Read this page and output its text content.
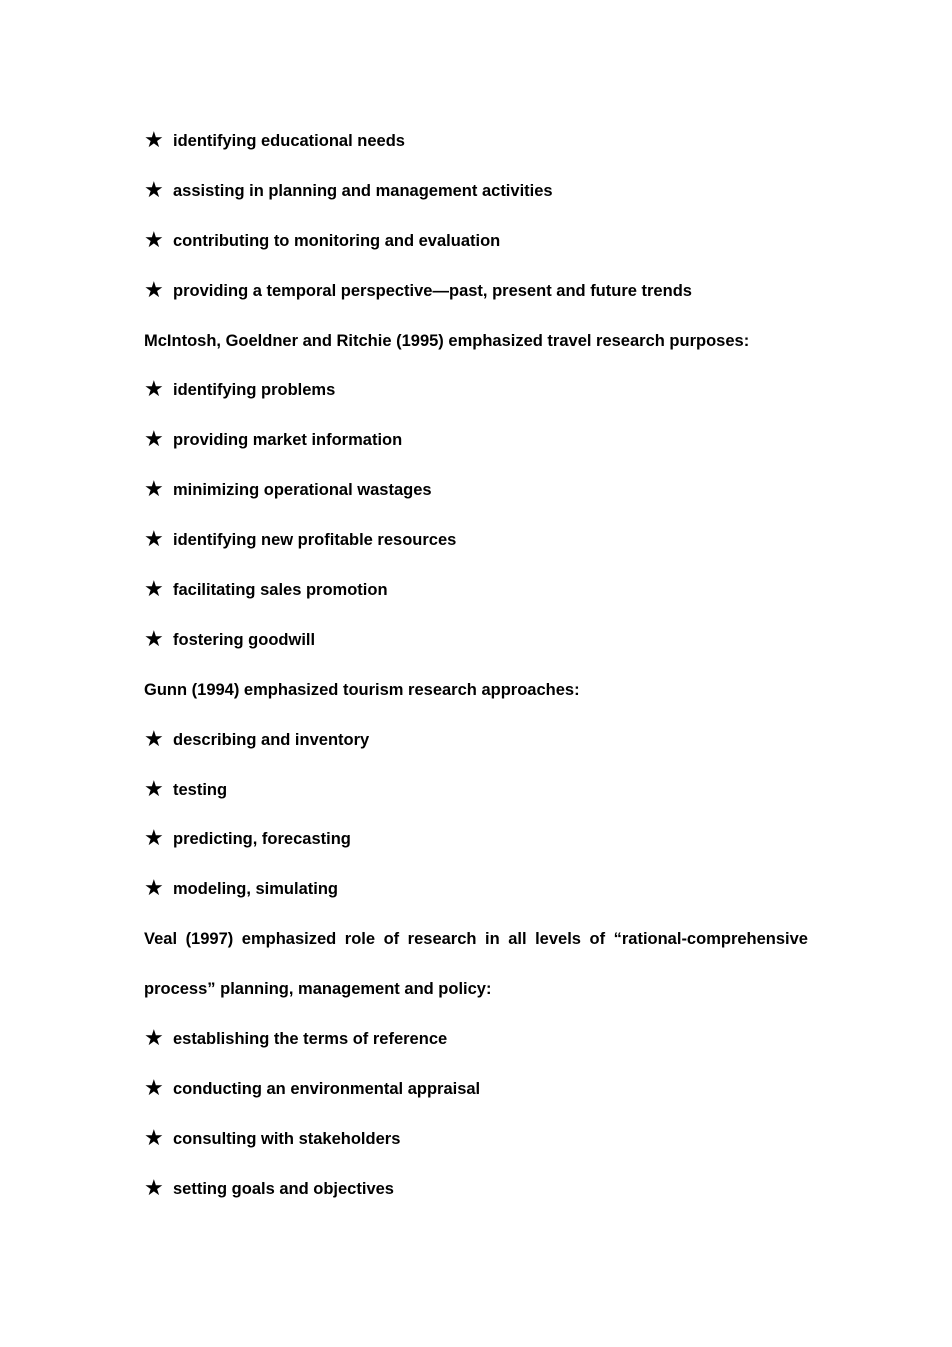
★ identifying educational needs
★ assisting in planning and management activities
★ contributing to monitoring and evaluation
★ providing a temporal perspective—past, present and future trends
McIntosh, Goeldner and Ritchie (1995) emphasized travel research purposes:
★ identifying problems
★ providing market information
★ minimizing operational wastages
★ identifying new profitable resources
★ facilitating sales promotion
★ fostering goodwill
Gunn (1994) emphasized tourism research approaches:
★ describing and inventory
★ testing
★ predicting, forecasting
★ modeling, simulating
Veal (1997) emphasized role of research in all levels of “rational-comprehensive
process” planning, management and policy:
★ establishing the terms of reference
★ conducting an environmental appraisal
★ consulting with stakeholders
★ setting goals and objectives
